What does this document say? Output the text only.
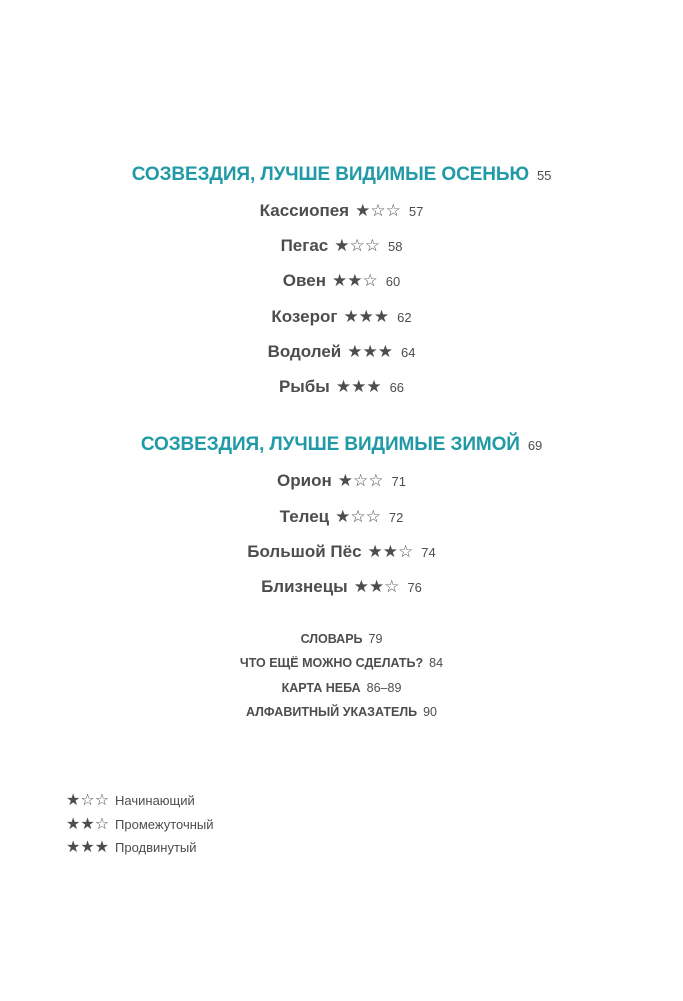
СОЗВЕЗДИЯ, ЛУЧШЕ ВИДИМЫЕ ОСЕНЬЮ 55
Кассиопея ★☆☆ 57
Пегас ★☆☆ 58
Овен ★★☆ 60
Козерог ★★★ 62
Водолей ★★★ 64
Рыбы ★★★ 66
СОЗВЕЗДИЯ, ЛУЧШЕ ВИДИМЫЕ ЗИМОЙ 69
Орион ★☆☆ 71
Телец ★☆☆ 72
Большой Пёс ★★☆ 74
Близнецы ★★☆ 76
СЛОВАРЬ 79
ЧТО ЕЩЁ МОЖНО СДЕЛАТЬ? 84
КАРТА НЕБА 86–89
АЛФАВИТНЫЙ УКАЗАТЕЛЬ 90
★☆☆ Начинающий
★★☆ Промежуточный
★★★ Продвинутый
